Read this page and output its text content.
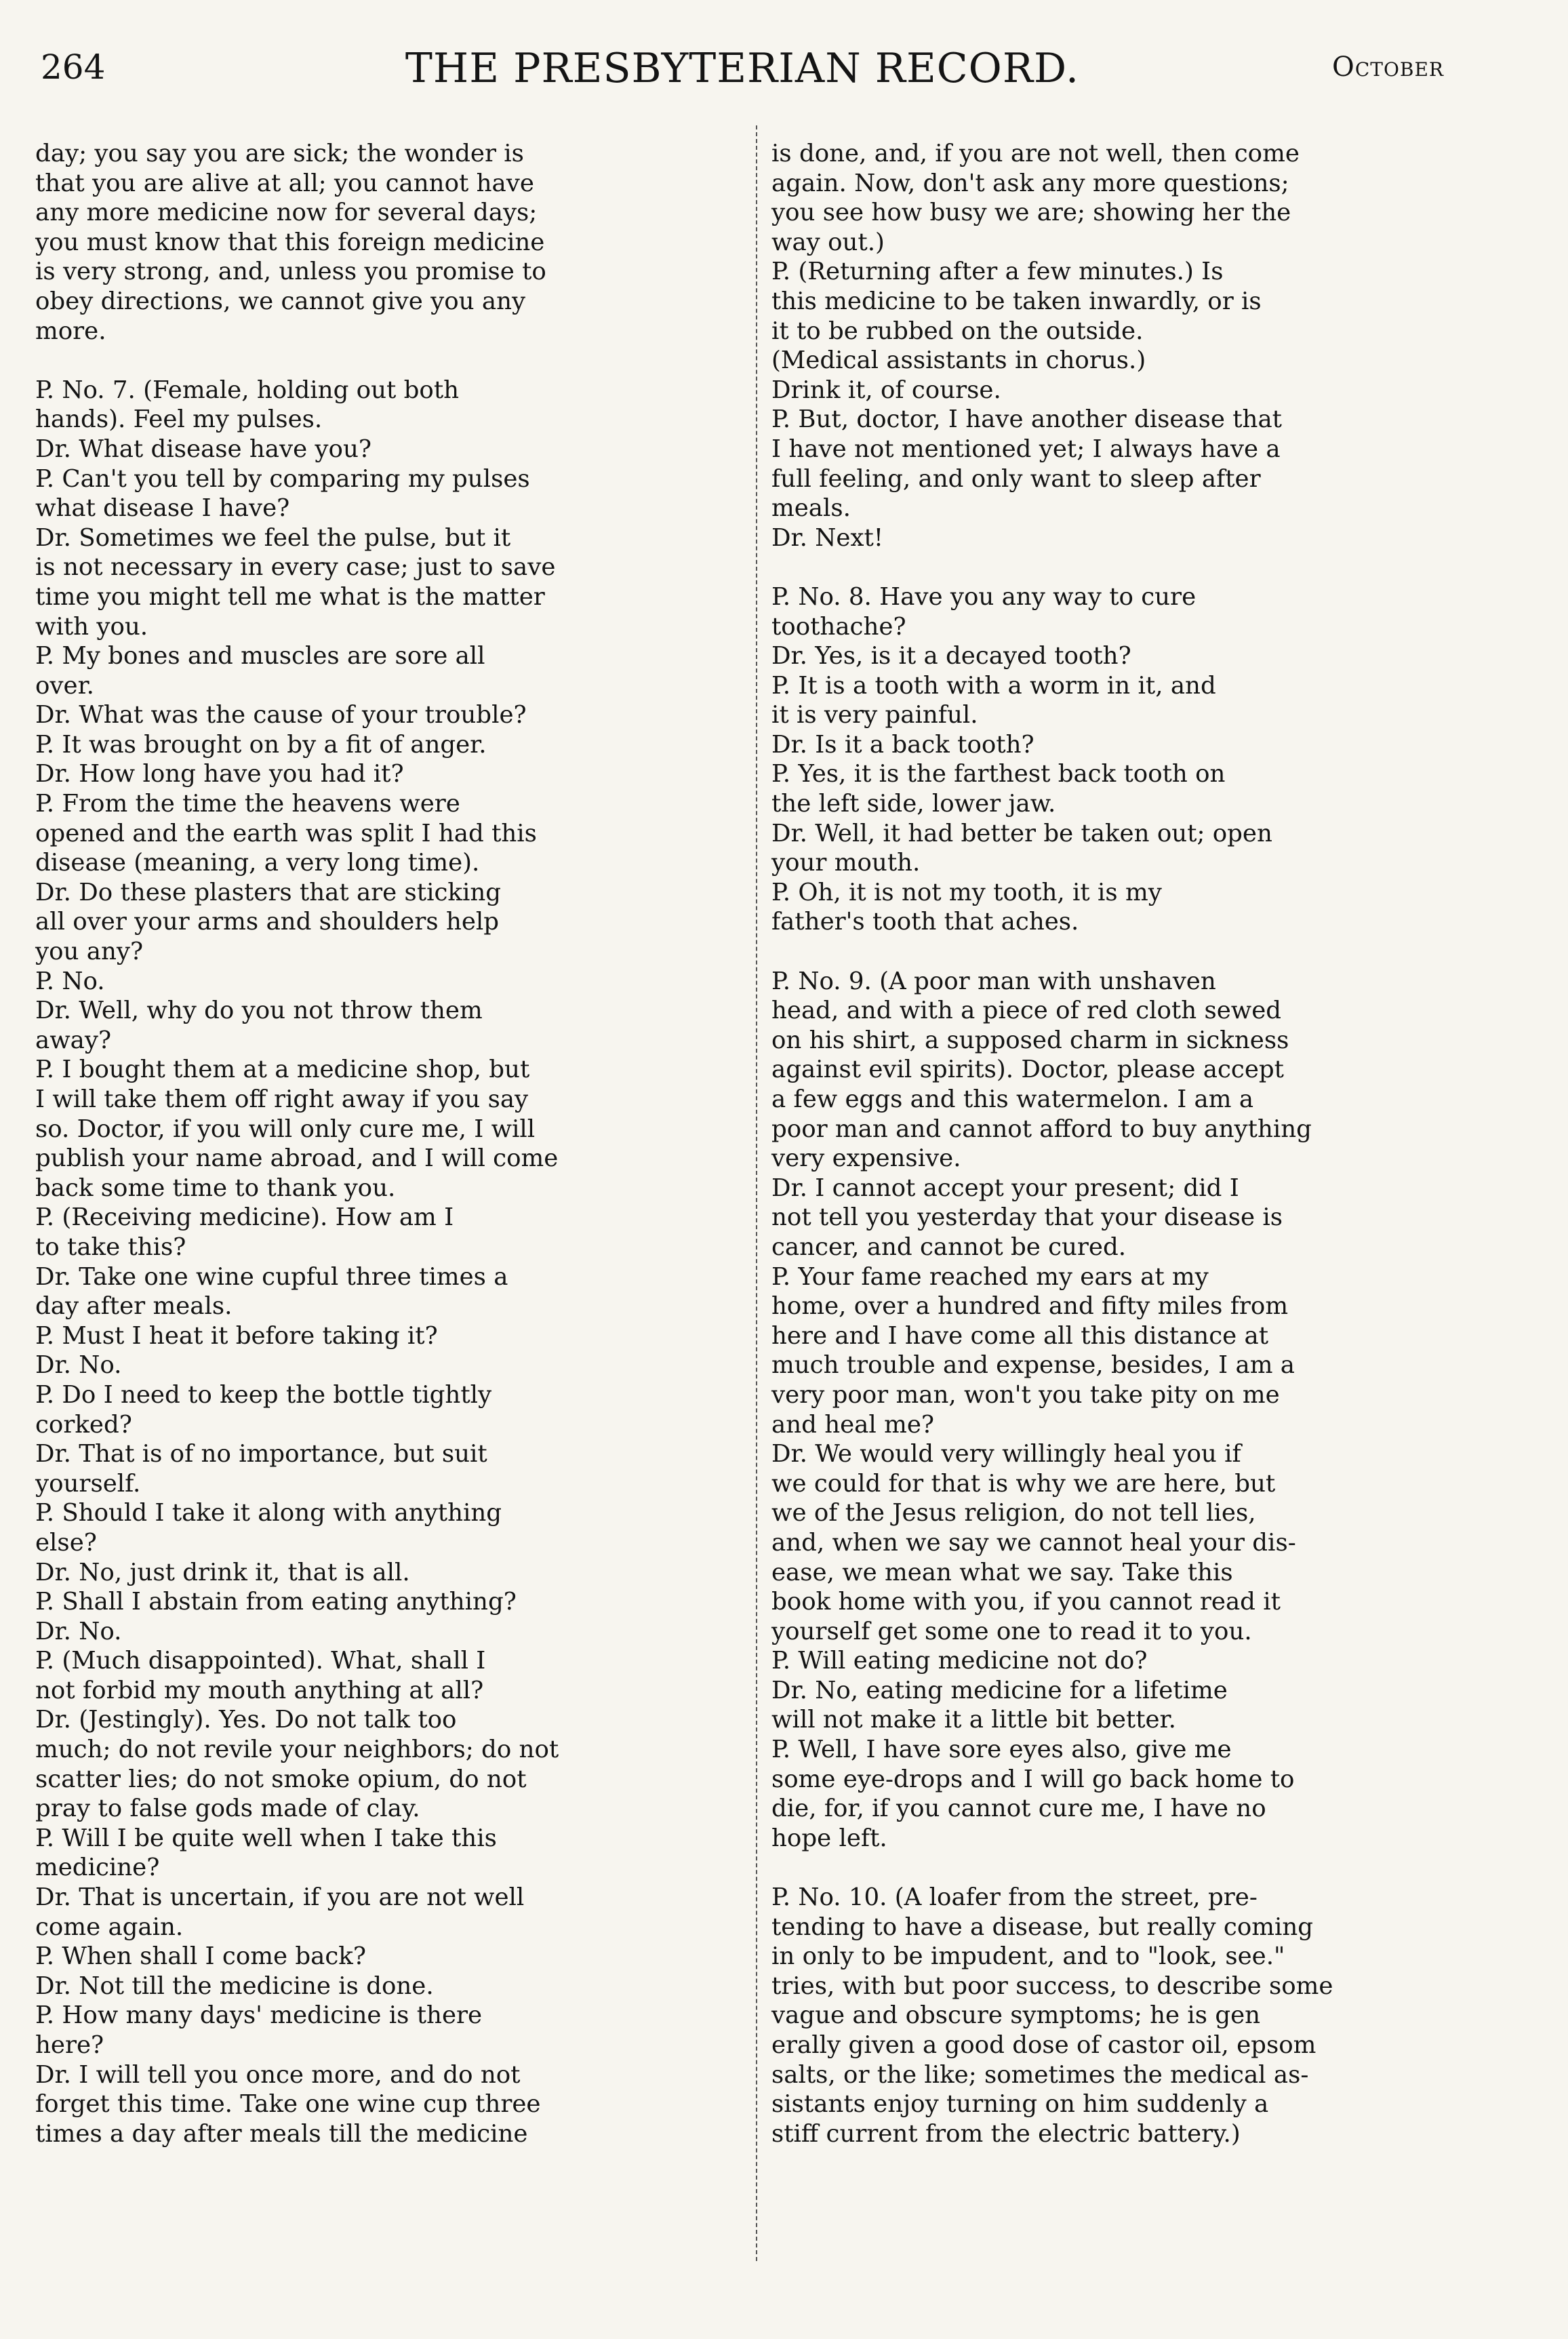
264	THE PRESBYTERIAN RECORD.	October
day; you say you are sick; the wonder is
that you are alive at all; you cannot have
any more medicine now for several days;
you must know that this foreign medicine
is very strong, and, unless you promise to
obey directions, we cannot give you any
more.
P. No. 7. (Female, holding out both
hands). Feel my pulses.
Dr. What disease have you?
P. Can't you tell by comparing my pulses
what disease I have?
Dr. Sometimes we feel the pulse, but it
is not necessary in every case; just to save
time you might tell me what is the matter
with you.
P. My bones and muscles are sore all
over.
Dr. What was the cause of your trouble?
P. It was brought on by a fit of anger.
Dr. How long have you had it?
P. From the time the heavens were
opened and the earth was split I had this
disease (meaning, a very long time).
Dr. Do these plasters that are sticking
all over your arms and shoulders help
you any?
P. No.
Dr. Well, why do you not throw them
away?
P. I bought them at a medicine shop, but
I will take them off right away if you say
so. Doctor, if you will only cure me, I will
publish your name abroad, and I will come
back some time to thank you.
P. (Receiving medicine). How am I
to take this?
Dr. Take one wine cupful three times a
day after meals.
P. Must I heat it before taking it?
Dr. No.
P. Do I need to keep the bottle tightly
corked?
Dr. That is of no importance, but suit
yourself.
P. Should I take it along with anything
else?
Dr. No, just drink it, that is all.
P. Shall I abstain from eating anything?
Dr. No.
P. (Much disappointed). What, shall I
not forbid my mouth anything at all?
Dr. (Jestingly). Yes. Do not talk too
much; do not revile your neighbors; do not
scatter lies; do not smoke opium, do not
pray to false gods made of clay.
P. Will I be quite well when I take this
medicine?
Dr. That is uncertain, if you are not well
come again.
P. When shall I come back?
Dr. Not till the medicine is done.
P. How many days' medicine is there
here?
Dr. I will tell you once more, and do not
forget this time. Take one wine cup three
times a day after meals till the medicine
is done, and, if you are not well, then come
again. Now, don't ask any more questions;
you see how busy we are; showing her the
way out.)
P. (Returning after a few minutes.) Is
this medicine to be taken inwardly, or is
it to be rubbed on the outside.
(Medical assistants in chorus.)
Drink it, of course.
P. But, doctor, I have another disease that
I have not mentioned yet; I always have a
full feeling, and only want to sleep after
meals.
Dr. Next!
P. No. 8. Have you any way to cure
toothache?
Dr. Yes, is it a decayed tooth?
P. It is a tooth with a worm in it, and
it is very painful.
Dr. Is it a back tooth?
P. Yes, it is the farthest back tooth on
the left side, lower jaw.
Dr. Well, it had better be taken out; open
your mouth.
P. Oh, it is not my tooth, it is my
father's tooth that aches.
P. No. 9. (A poor man with unshaven
head, and with a piece of red cloth sewed
on his shirt, a supposed charm in sickness
against evil spirits). Doctor, please accept
a few eggs and this watermelon. I am a
poor man and cannot afford to buy anything
very expensive.
Dr. I cannot accept your present; did I
not tell you yesterday that your disease is
cancer, and cannot be cured.
P. Your fame reached my ears at my
home, over a hundred and fifty miles from
here and I have come all this distance at
much trouble and expense, besides, I am a
very poor man, won't you take pity on me
and heal me?
Dr. We would very willingly heal you if
we could for that is why we are here, but
we of the Jesus religion, do not tell lies,
and, when we say we cannot heal your dis-
ease, we mean what we say. Take this
book home with you, if you cannot read it
yourself get some one to read it to you.
P. Will eating medicine not do?
Dr. No, eating medicine for a lifetime
will not make it a little bit better.
P. Well, I have sore eyes also, give me
some eye-drops and I will go back home to
die, for, if you cannot cure me, I have no
hope left.
P. No. 10. (A loafer from the street, pre-
tending to have a disease, but really coming
in only to be impudent, and to "look, see."
tries, with but poor success, to describe some
vague and obscure symptoms; he is gen
erally given a good dose of castor oil, epsom
salts, or the like; sometimes the medical as-
sistants enjoy turning on him suddenly a
stiff current from the electric battery.)
